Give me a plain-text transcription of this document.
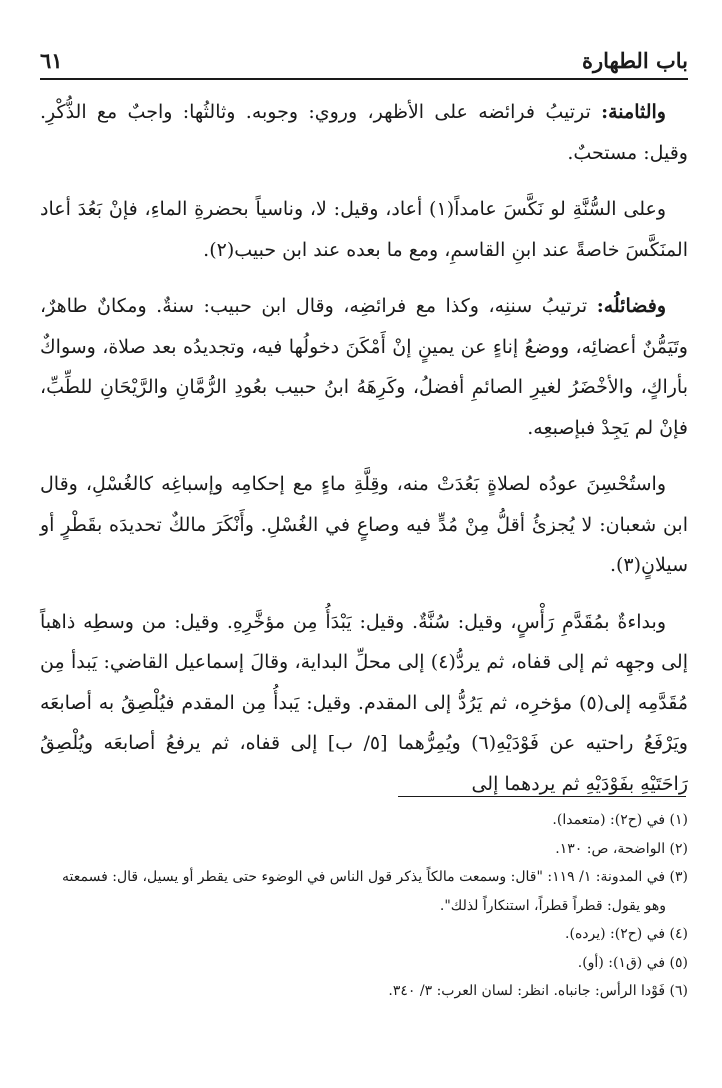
٦١	باب الطهارة

والثامنة: ترتيبُ فرائضه على الأظهر، وروي: وجوبه. وثالثُها: واجبٌ مع الذُّكْرِ. وقيل: مستحبٌ.

وعلى السُّنَّةِ لو نَكَّسَ عامداً(١) أعاد، وقيل: لا، وناسياً بحضرةِ الماءِ، فإنْ بَعُدَ أعاد المنَكَّسَ خاصةً عند ابنِ القاسمِ، ومع ما بعده عند ابن حبيب(٢).

وفضائلُه: ترتيبُ سننِه، وكذا مع فرائضِه، وقال ابن حبيب: سنةٌ. ومكانٌ طاهرٌ، وتَيَمُّنٌ أعضائِه، ووضعُ إناءٍ عن يمينٍ إنْ أَمْكَنَ دخولُها فيه، وتجديدُه بعد صلاة، وسواكٌ بأراكٍ، والأخْضَرُ لغيرِ الصائمِ أفضلُ، وكَرِهَهُ ابنُ حبيب بعُودِ الرُّمَّانِ والرَّيْحَانِ للطِّبِّ، فإنْ لم يَجِدْ فبإصبعِه.

واستُحْسِنَ عودُه لصلاةٍ بَعُدَتْ منه، وقِلَّةِ ماءٍ مع إحكامِه وإسباغِه كالغُسْلِ، وقال ابن شعبان: لا يُجزئُ أقلُّ مِنْ مُدٍّ فيه وصاعٍ في الغُسْلِ. وأَنْكَرَ مالكٌ تحديدَه بقَطْرٍ أو سيلانٍ(٣).

وبداءةٌ بمُقَدَّمِ رَأْسٍ، وقيل: سُنَّةٌ. وقيل: يَبْدَأُ مِن مؤخَّرِهِ. وقيل: من وسطِه ذاهباً إلى وجهِه ثم إلى قفاه، ثم يردُّ(٤) إلى محلِّ البداية، وقالَ إسماعيل القاضي: يَبدأ مِن مُقَدَّمِه إلى(٥) مؤخرِه، ثم يَرُدُّ إلى المقدم. وقيل: يَبدأُ مِن المقدم فيُلْصِقُ به أصابعَه ويَرْفَعُ راحتيه عن فَوْدَيْهِ(٦) ويُمِرُّهما [٥/ ب] إلى قفاه، ثم يرفعُ أصابعَه ويُلْصِقُ رَاحَتَيْهِ بفَوْدَيْهِ ثم يردهما إلى

(١) في (ح٢): (متعمدا).

(٢) الواضحة، ص: ١٣٠.

(٣) في المدونة: ١/ ١١٩: "قال: وسمعت مالكاً يذكر قول الناس في الوضوء حتى يقطر أو يسيل، قال: فسمعته

وهو يقول: قطراً قطراً، استنكاراً لذلك".

(٤) في (ح٢): (يرده).

(٥) في (ق١): (أو).

(٦) فَوْدا الرأس: جانباه. انظر: لسان العرب: ٣/ ٣٤٠.
